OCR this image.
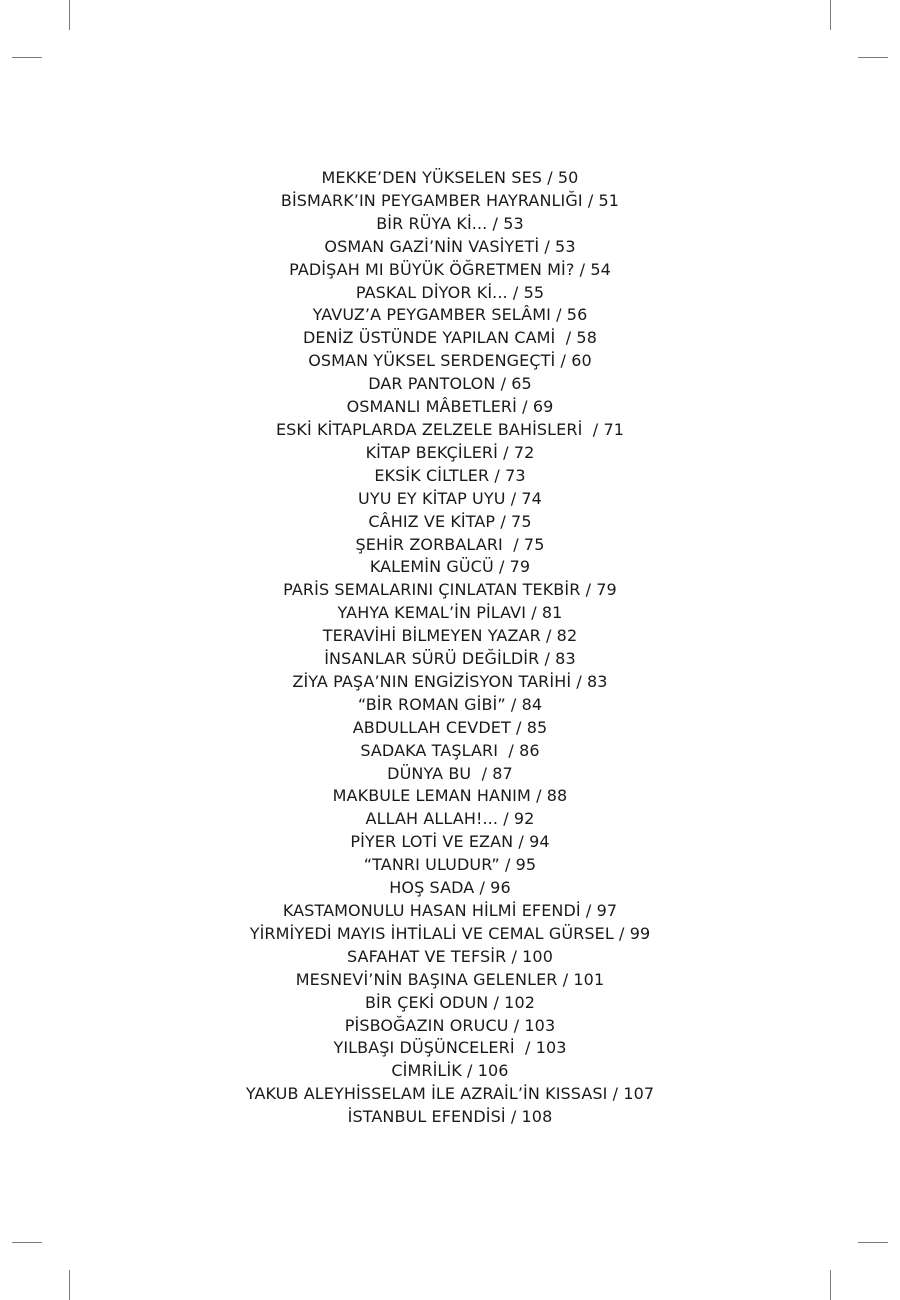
MEKKE’DEN YÜKSELEN SES / 50
BİSMARK’IN PEYGAMBER HAYRANLIĞI / 51
BİR RÜYA Kİ... / 53
OSMAN GAZİ’NİN VASİYETİ / 53
PADİŞAH MI BÜYÜK ÖĞRETMEN Mİ? / 54
PASKAL DİYOR Kİ... / 55
YAVUZ’A PEYGAMBER SELÂMI / 56
DENİZ ÜSTÜNDE YAPILAN CAMİ  / 58
OSMAN YÜKSEL SERDENGEÇTİ / 60
DAR PANTOLON / 65
OSMANLI MÂBETLERİ / 69
ESKİ KİTAPLARDA ZELZELE BAHİSLERİ  / 71
KİTAP BEKÇİLERİ / 72
EKSİK CİLTLER / 73
UYU EY KİTAP UYU / 74
CÂHIZ VE KİTAP / 75
ŞEHİR ZORBALARI  / 75
KALEMİN GÜCÜ / 79
PARİS SEMALARINI ÇINLATAN TEKBİR / 79
YAHYA KEMAL’İN PİLAVI / 81
TERAVİHİ BİLMEYEN YAZAR / 82
İNSANLAR SÜRÜ DEĞİLDİR / 83
ZİYA PAŞA’NIN ENGİZİSYON TARİHİ / 83
“BİR ROMAN GİBİ” / 84
ABDULLAH CEVDET / 85
SADAKA TAŞLARI  / 86
DÜNYA BU  / 87
MAKBULE LEMAN HANIM / 88
ALLAH ALLAH!... / 92
PİYER LOTİ VE EZAN / 94
“TANRI ULUDUR” / 95
HOŞ SADA / 96
KASTAMONULU HASAN HİLMİ EFENDİ / 97
YİRMİYEDİ MAYIS İHTİLALİ VE CEMAL GÜRSEL / 99
SAFAHAT VE TEFSİR / 100
MESNEVİ’NİN BAŞINA GELENLER / 101
BİR ÇEKİ ODUN / 102
PİSBOĞAZIN ORUCU / 103
YILBAŞI DÜŞÜNCELERİ  / 103
CİMRİLİK / 106
YAKUB ALEYHİSSELAM İLE AZRAİL’İN KISSASI / 107
İSTANBUL EFENDİSİ / 108
